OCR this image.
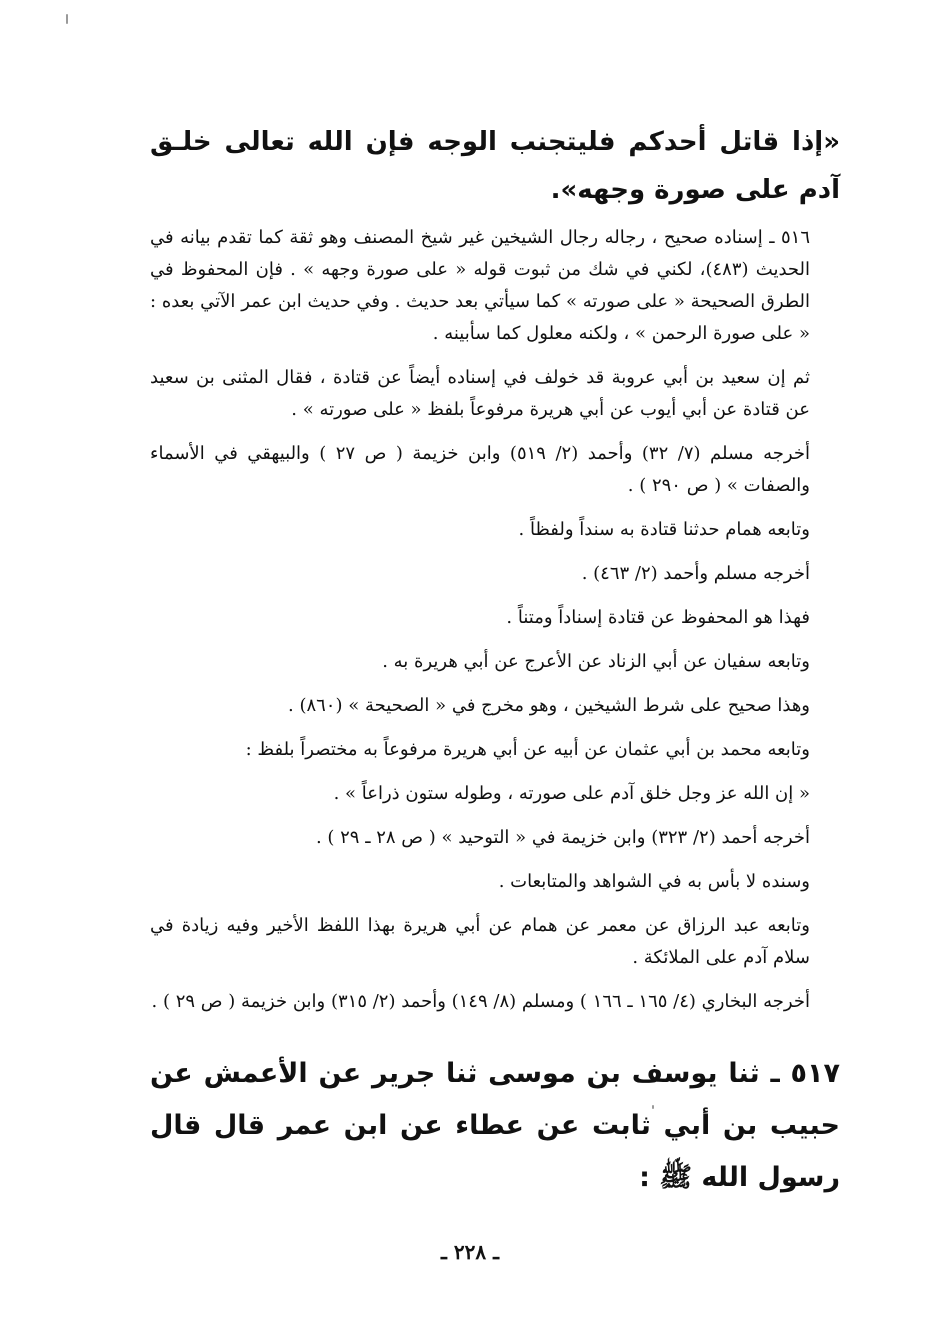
«إذا قاتل أحدكم فليتجنب الوجه فإن الله تعالى خلـق آدم على صورة وجهه».

٥١٦ ـ إسناده صحيح ، رجاله رجال الشيخين غير شيخ المصنف وهو ثقة كما تقدم بيانه في الحديث (٤٨٣)، لكني في شك من ثبوت قوله « على صورة وجهه » . فإن المحفوظ في الطرق الصحيحة « على صورته » كما سيأتي بعد حديث . وفي حديث ابن عمر الآتي بعده : « على صورة الرحمن » ، ولكنه معلول كما سأبينه .

ثم إن سعيد بن أبي عروبة قد خولف في إسناده أيضاً عن قتادة ، فقال المثنى بن سعيد عن قتادة عن أبي أيوب عن أبي هريرة مرفوعاً بلفظ « على صورته » .

أخرجه مسلم (٧/ ٣٢) وأحمد (٢/ ٥١٩) وابن خزيمة ( ص ٢٧ ) والبيهقي في الأسماء والصفات » ( ص ٢٩٠ ) .

وتابعه همام حدثنا قتادة به سنداً ولفظاً .

أخرجه مسلم وأحمد (٢/ ٤٦٣) .

فهذا هو المحفوظ عن قتادة إسناداً ومتناً .

وتابعه سفيان عن أبي الزناد عن الأعرج عن أبي هريرة به .

وهذا صحيح على شرط الشيخين ، وهو مخرج في « الصحيحة » (٨٦٠) .

وتابعه محمد بن أبي عثمان عن أبيه عن أبي هريرة مرفوعاً به مختصراً بلفظ :

« إن الله عز وجل خلق آدم على صورته ، وطوله ستون ذراعاً » .

أخرجه أحمد (٢/ ٣٢٣) وابن خزيمة في « التوحيد » ( ص ٢٨ ـ ٢٩ ) .

وسنده لا بأس به في الشواهد والمتابعات .

وتابعه عبد الرزاق عن معمر عن همام عن أبي هريرة بهذا اللفظ الأخير وفيه زيادة في سلام آدم على الملائكة .

أخرجه البخاري (٤/ ١٦٥ ـ ١٦٦ ) ومسلم (٨/ ١٤٩) وأحمد (٢/ ٣١٥) وابن خزيمة ( ص ٢٩ ) .

٥١٧ ـ ثنا يوسف بن موسى ثنا جرير عن الأعمش عن حبيب بن أبي ثابت عن عطاء عن ابن عمر قال قال رسول الله ﷺ :

ـ ٢٢٨ ـ
